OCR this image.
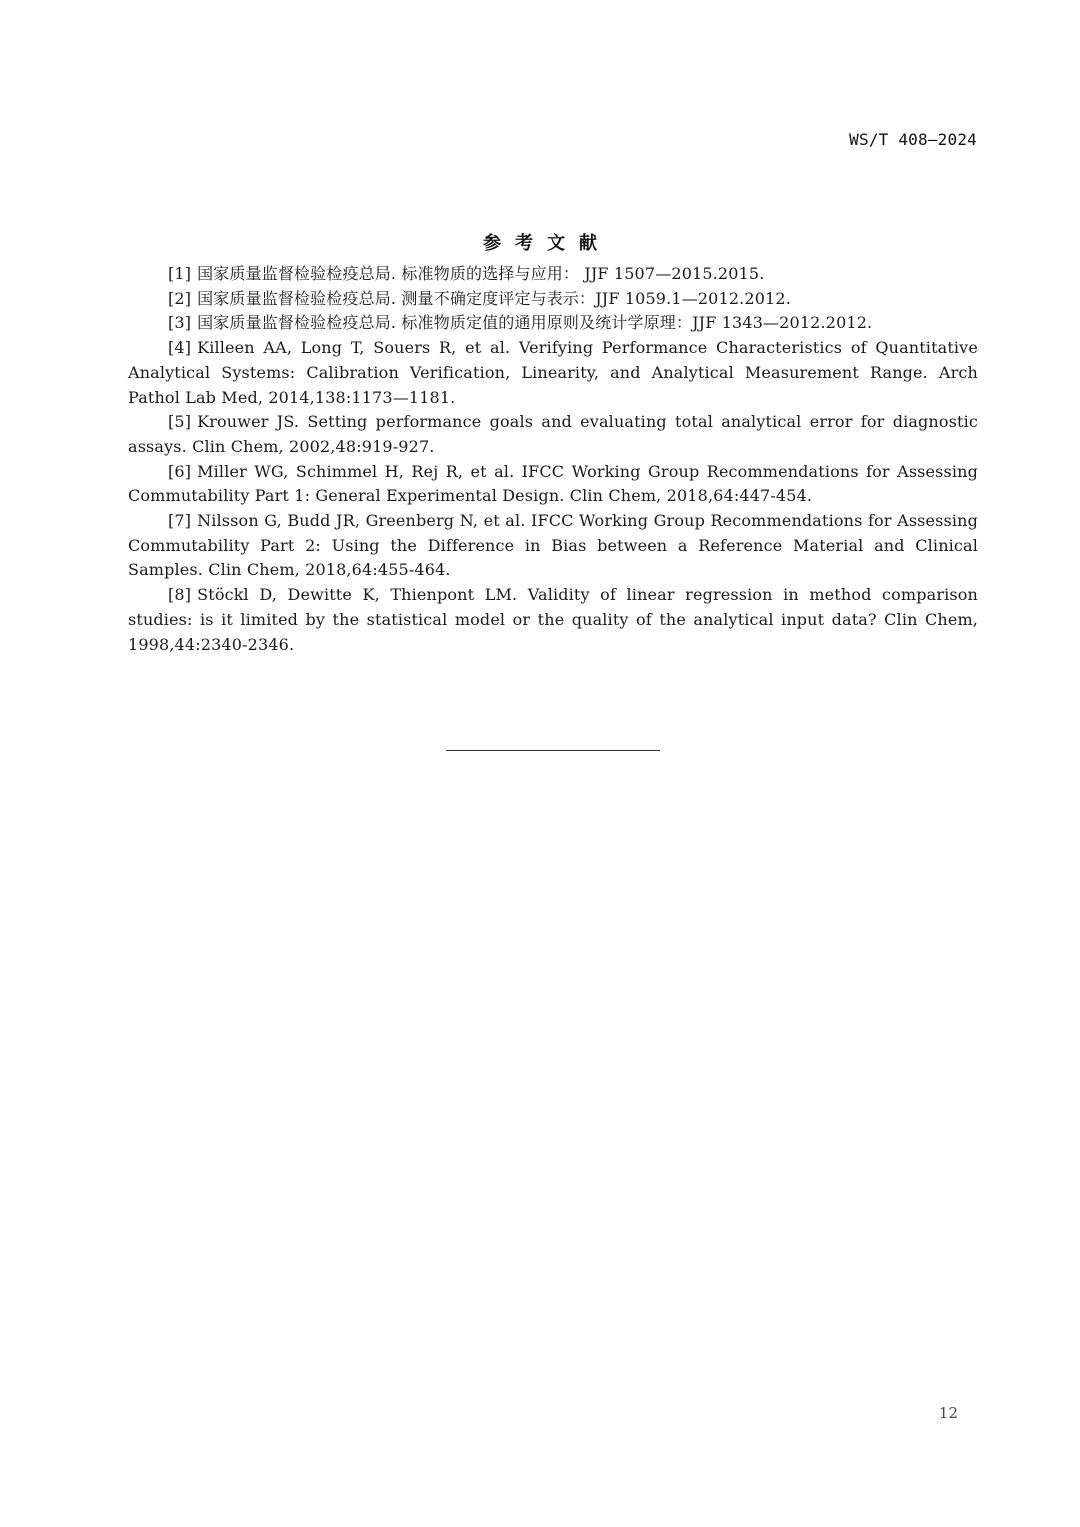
WS/T 408—2024
参考文献

[1] 国家质量监督检验检疫总局. 标准物质的选择与应用： JJF 1507—2015.2015.

[2] 国家质量监督检验检疫总局. 测量不确定度评定与表示：JJF 1059.1—2012.2012.

[3] 国家质量监督检验检疫总局. 标准物质定值的通用原则及统计学原理：JJF 1343—2012.2012.

[4] Killeen AA, Long T, Souers R, et al. Verifying Performance Characteristics of Quantitative Analytical Systems: Calibration Verification, Linearity, and Analytical Measurement Range. Arch Pathol Lab Med, 2014,138:1173—1181.

[5] Krouwer JS. Setting performance goals and evaluating total analytical error for diagnostic assays. Clin Chem, 2002,48:919-927.

[6] Miller WG, Schimmel H, Rej R, et al. IFCC Working Group Recommendations for Assessing Commutability Part 1: General Experimental Design. Clin Chem, 2018,64:447-454.

[7] Nilsson G, Budd JR, Greenberg N, et al. IFCC Working Group Recommendations for Assessing Commutability Part 2: Using the Difference in Bias between a Reference Material and Clinical Samples. Clin Chem, 2018,64:455-464.

[8] Stöckl D, Dewitte K, Thienpont LM. Validity of linear regression in method comparison studies: is it limited by the statistical model or the quality of the analytical input data? Clin Chem, 1998,44:2340-2346.

12
